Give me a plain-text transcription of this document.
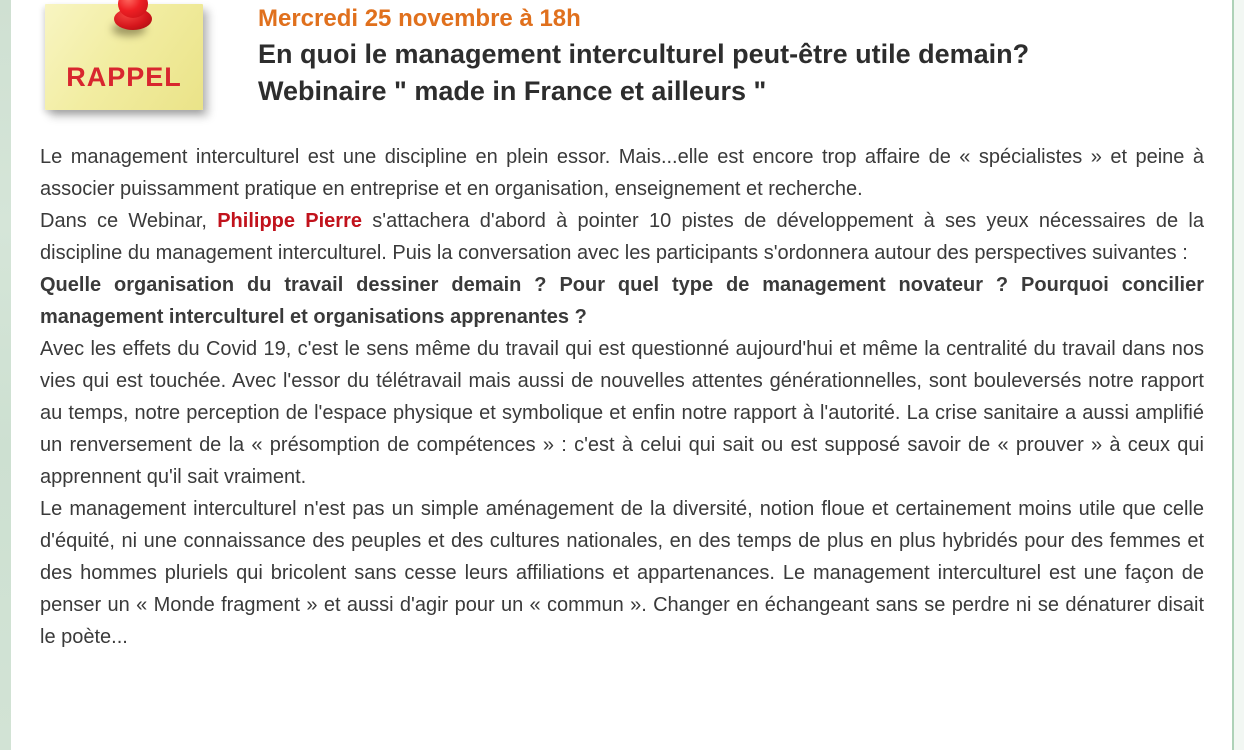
RAPPEL
Mercredi 25 novembre à 18h
En quoi le management interculturel peut-être utile demain? Webinaire " made in France et ailleurs "

Le management interculturel est une discipline en plein essor. Mais...elle est encore trop affaire de « spécialistes » et peine à associer puissamment pratique en entreprise et en organisation, enseignement et recherche.

Dans ce Webinar, Philippe Pierre s'attachera d'abord à pointer 10 pistes de développement à ses yeux nécessaires de la discipline du management interculturel. Puis la conversation avec les participants s'ordonnera autour des perspectives suivantes :

Quelle organisation du travail dessiner demain ? Pour quel type de management novateur ? Pourquoi concilier management interculturel et organisations apprenantes ?

Avec les effets du Covid 19, c'est le sens même du travail qui est questionné aujourd'hui et même la centralité du travail dans nos vies qui est touchée. Avec l'essor du télétravail mais aussi de nouvelles attentes générationnelles, sont bouleversés notre rapport au temps, notre perception de l'espace physique et symbolique et enfin notre rapport à l'autorité. La crise sanitaire a aussi amplifié un renversement de la « présomption de compétences » : c'est à celui qui sait ou est supposé savoir de « prouver » à ceux qui apprennent qu'il sait vraiment.

Le management interculturel n'est pas un simple aménagement de la diversité, notion floue et certainement moins utile que celle d'équité, ni une connaissance des peuples et des cultures nationales, en des temps de plus en plus hybridés pour des femmes et des hommes pluriels qui bricolent sans cesse leurs affiliations et appartenances. Le management interculturel est une façon de penser un « Monde fragment » et aussi d'agir pour un « commun ». Changer en échangeant sans se perdre ni se dénaturer disait le poète...
